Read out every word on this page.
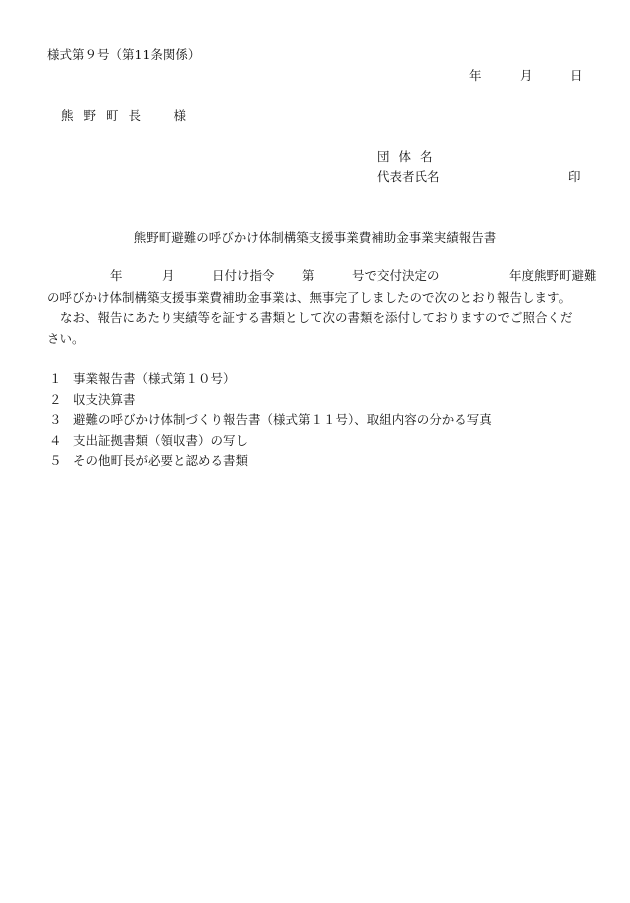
様式第９号（第11条関係）
年	月	日
熊野町長　様
団体名
代表者氏名	印
熊野町避難の呼びかけ体制構築支援事業費補助金事業実績報告書
年	月	日付け指令 第	号で交付決定の	年度熊野町避難
の呼びかけ体制構築支援事業費補助金事業は、無事完了しましたので次のとおり報告します。
なお、報告にあたり実績等を証する書類として次の書類を添付しておりますのでご照合くだ
さい。
１ 事業報告書（様式第１０号）
２ 収支決算書
３ 避難の呼びかけ体制づくり報告書（様式第１１号）、取組内容の分かる写真
４ 支出証拠書類（領収書）の写し
５ その他町長が必要と認める書類
